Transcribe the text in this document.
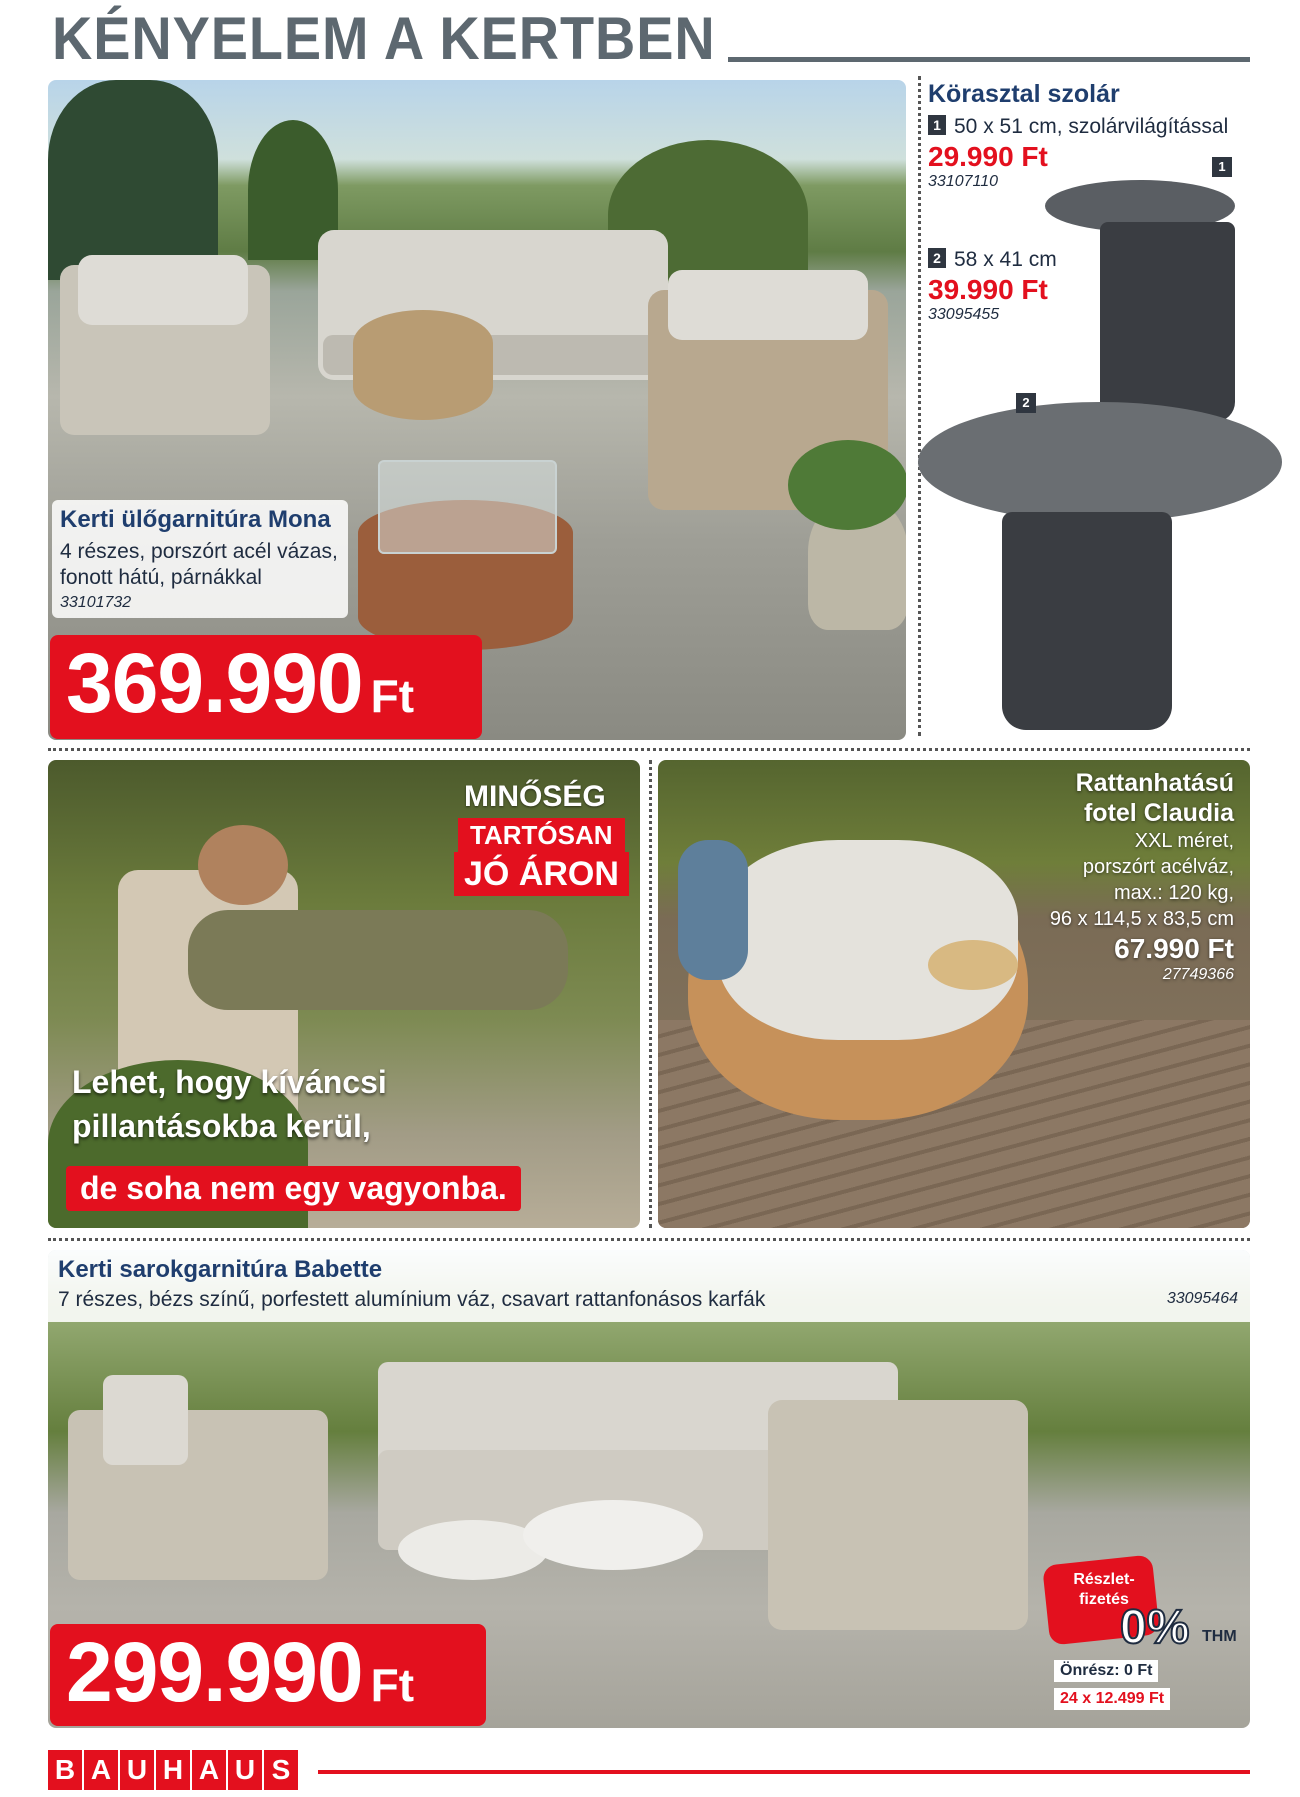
KÉNYELEM A KERTBEN
Kerti ülőgarnitúra Mona
4 részes, porszórt acél vázas,
fonott hátú, párnákkal
33101732
369.990 Ft
Körasztal szolár
1 50 x 51 cm, szolárvilágítással
29.990 Ft
33107110
2 58 x 41 cm
39.990 Ft
33095455
1
2
MINŐSÉG
TARTÓSAN
JÓ ÁRON
Lehet, hogy kíváncsi
pillantásokba kerül,
de soha nem egy vagyonba.
Rattanhatású
fotel Claudia
XXL méret,
porszórt acélváz,
max.: 120 kg,
96 x 114,5 x 83,5 cm
67.990 Ft
27749366
Kerti sarokgarnitúra Babette
7 részes, bézs színű, porfestett alumínium váz, csavart rattanfonásos karfák	33095464
299.990 Ft
Részlet-
fizetés
0% THM
Önrész: 0 Ft
24 x 12.499 Ft
B A U H A U S
